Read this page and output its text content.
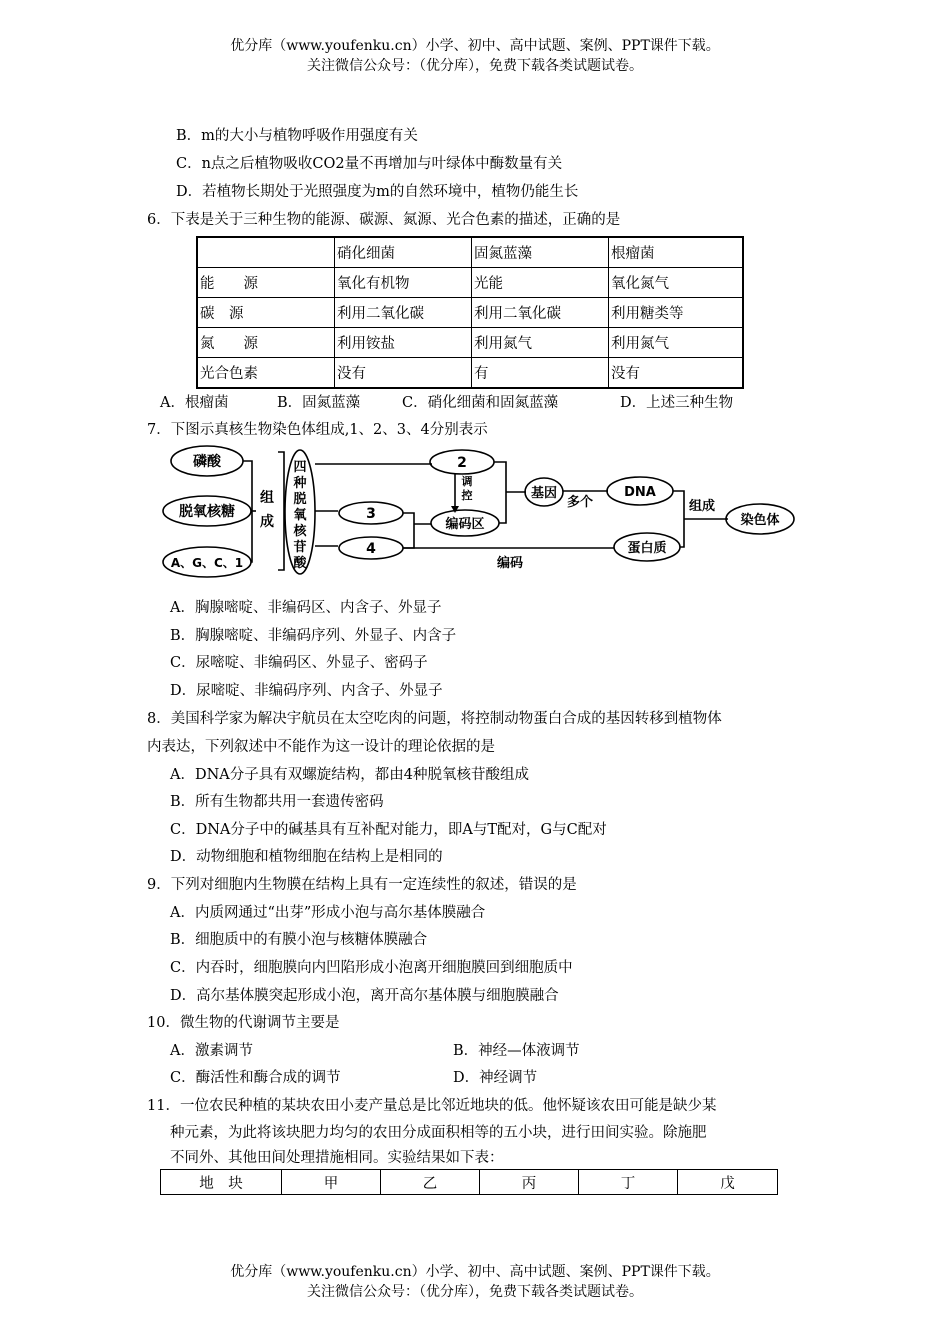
优分库（www.youfenku.cn）小学、初中、高中试题、案例、PPT课件下载。
关注微信公众号：（优分库），免费下载各类试题试卷。
B．m的大小与植物呼吸作用强度有关
C．n点之后植物吸收CO2量不再增加与叶绿体中酶数量有关
D．若植物长期处于光照强度为m的自然环境中，植物仍能生长
6．下表是关于三种生物的能源、碳源、氮源、光合色素的描述，正确的是
	硝化细菌	固氮蓝藻	根瘤菌
能　　源	氧化有机物	光能	氧化氮气
碳　源	利用二氧化碳	利用二氧化碳	利用糖类等
氮　　源	利用铵盐	利用氮气	利用氮气
光合色素	没有	有	没有
A．根瘤菌	B．固氮蓝藻	C．硝化细菌和固氮蓝藻	D．上述三种生物
7．下图示真核生物染色体组成,1、2、3、4分别表示
磷酸
脱氧核糖
A、G、C、1
组
成
四
种
脱
氧
核
苷
酸
2
3
4
调
控
编码区
基因
多个
DNA
蛋白质
组成
染色体
编码
A．胸腺嘧啶、非编码区、内含子、外显子
B．胸腺嘧啶、非编码序列、外显子、内含子
C．尿嘧啶、非编码区、外显子、密码子
D．尿嘧啶、非编码序列、内含子、外显子
8．美国科学家为解决宇航员在太空吃肉的问题，将控制动物蛋白合成的基因转移到植物体
内表达，下列叙述中不能作为这一设计的理论依据的是
A．DNA分子具有双螺旋结构，都由4种脱氧核苷酸组成
B．所有生物都共用一套遗传密码
C．DNA分子中的碱基具有互补配对能力，即A与T配对，G与C配对
D．动物细胞和植物细胞在结构上是相同的
9．下列对细胞内生物膜在结构上具有一定连续性的叙述，错误的是
A．内质网通过“出芽”形成小泡与高尔基体膜融合
B．细胞质中的有膜小泡与核糖体膜融合
C．内吞时，细胞膜向内凹陷形成小泡离开细胞膜回到细胞质中
D．高尔基体膜突起形成小泡，离开高尔基体膜与细胞膜融合
10．微生物的代谢调节主要是
A．激素调节	B．神经—体液调节
C．酶活性和酶合成的调节	D．神经调节
11．一位农民种植的某块农田小麦产量总是比邻近地块的低。他怀疑该农田可能是缺少某
种元素，为此将该块肥力均匀的农田分成面积相等的五小块，进行田间实验。除施肥
不同外、其他田间处理措施相同。实验结果如下表：
地　块	甲	乙	丙	丁	戊
优分库（www.youfenku.cn）小学、初中、高中试题、案例、PPT课件下载。
关注微信公众号：（优分库），免费下载各类试题试卷。
